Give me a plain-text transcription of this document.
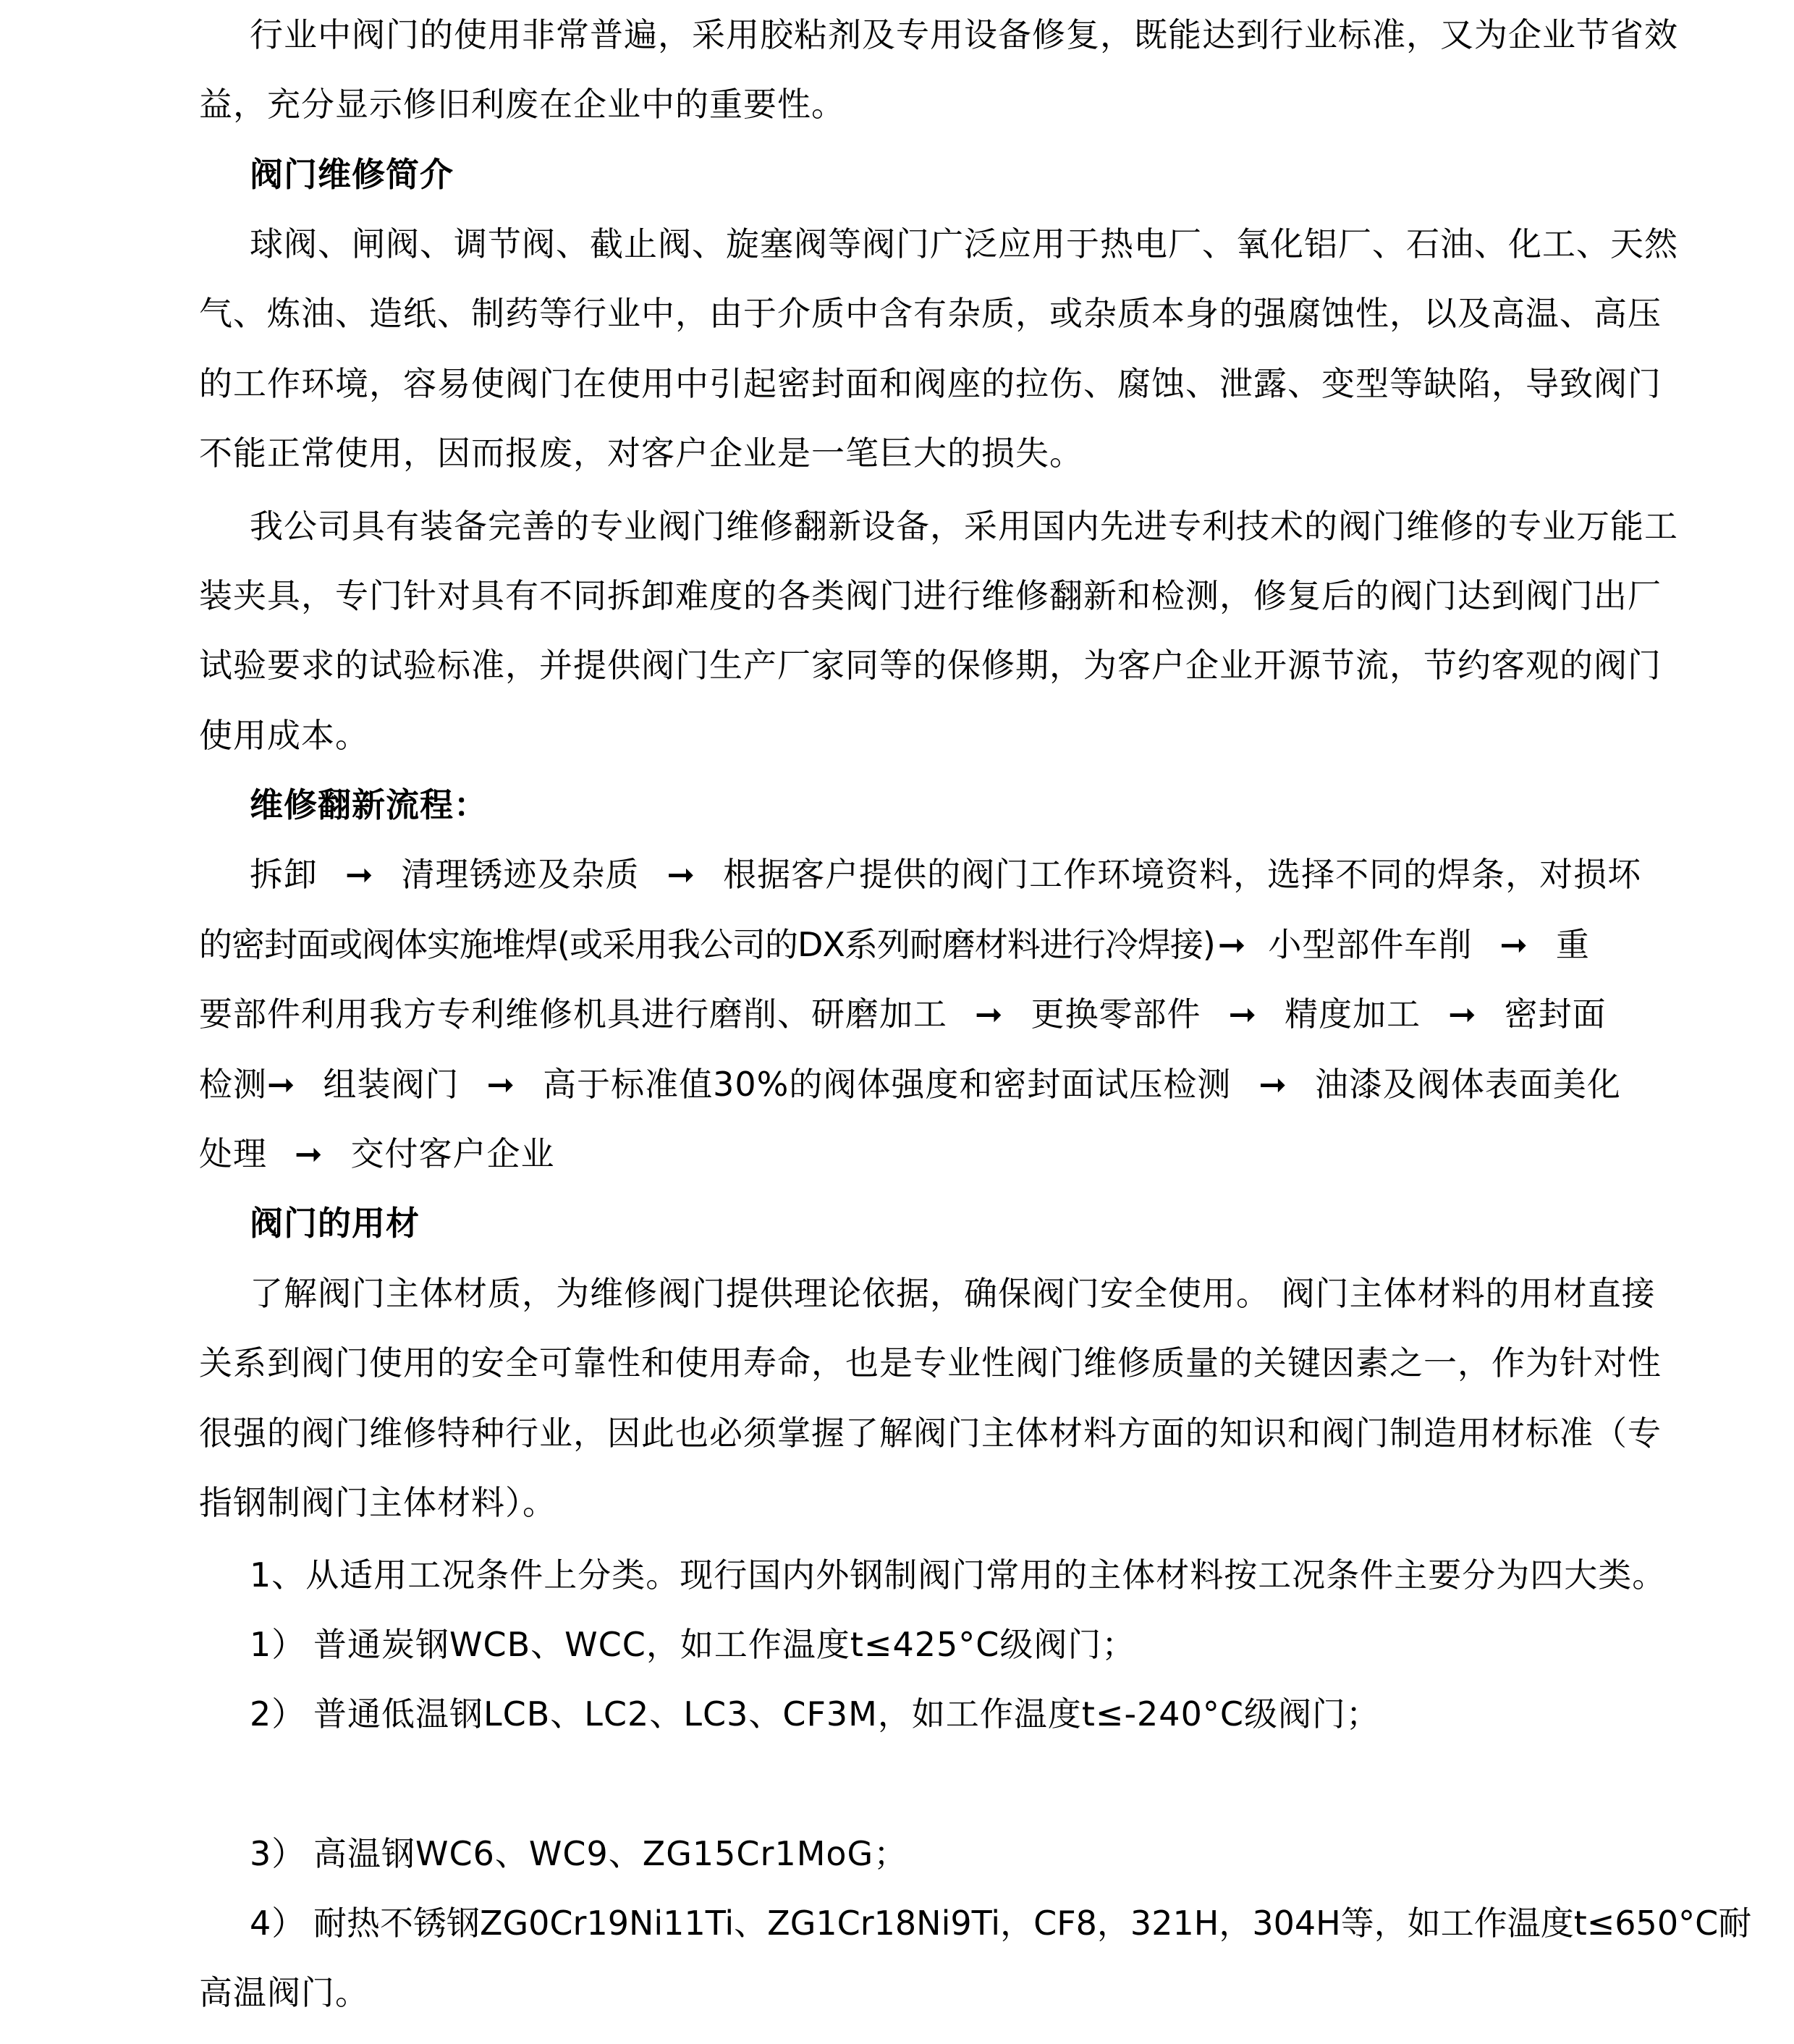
行业中阀门的使用非常普遍，采用胶粘剂及专用设备修复，既能达到行业标准，又为企业节省效
益，充分显示修旧利废在企业中的重要性。
阀门维修简介
球阀、闸阀、调节阀、截止阀、旋塞阀等阀门广泛应用于热电厂、氧化铝厂、石油、化工、天然
气、炼油、造纸、制药等行业中，由于介质中含有杂质，或杂质本身的强腐蚀性，以及高温、高压
的工作环境，容易使阀门在使用中引起密封面和阀座的拉伤、腐蚀、泄露、变型等缺陷，导致阀门
不能正常使用，因而报废，对客户企业是一笔巨大的损失。
我公司具有装备完善的专业阀门维修翻新设备，采用国内先进专利技术的阀门维修的专业万能工
装夹具，专门针对具有不同拆卸难度的各类阀门进行维修翻新和检测，修复后的阀门达到阀门出厂
试验要求的试验标准，并提供阀门生产厂家同等的保修期，为客户企业开源节流，节约客观的阀门
使用成本。
维修翻新流程：
拆卸 ➞ 清理锈迹及杂质 ➞ 根据客户提供的阀门工作环境资料，选择不同的焊条，对损坏
的密封面或阀体实施堆焊(或采用我公司的DX系列耐磨材料进行冷焊接)➞ 小型部件车削 ➞ 重
要部件利用我方专利维修机具进行磨削、研磨加工 ➞ 更换零部件 ➞ 精度加工 ➞ 密封面
检测➞ 组装阀门 ➞ 高于标准值30%的阀体强度和密封面试压检测 ➞ 油漆及阀体表面美化
处理 ➞ 交付客户企业
阀门的用材
了解阀门主体材质，为维修阀门提供理论依据，确保阀门安全使用。 阀门主体材料的用材直接
关系到阀门使用的安全可靠性和使用寿命，也是专业性阀门维修质量的关键因素之一，作为针对性
很强的阀门维修特种行业，因此也必须掌握了解阀门主体材料方面的知识和阀门制造用材标准（专
指钢制阀门主体材料）。
1、从适用工况条件上分类。现行国内外钢制阀门常用的主体材料按工况条件主要分为四大类。
1） 普通炭钢WCB、WCC，如工作温度t≤425°C级阀门；
2） 普通低温钢LCB、LC2、LC3、CF3M，如工作温度t≤-240°C级阀门；
3） 高温钢WC6、WC9、ZG15Cr1MoG；
4） 耐热不锈钢ZG0Cr19Ni11Ti、ZG1Cr18Ni9Ti，CF8，321H，304H等，如工作温度t≤650°C耐
高温阀门。
